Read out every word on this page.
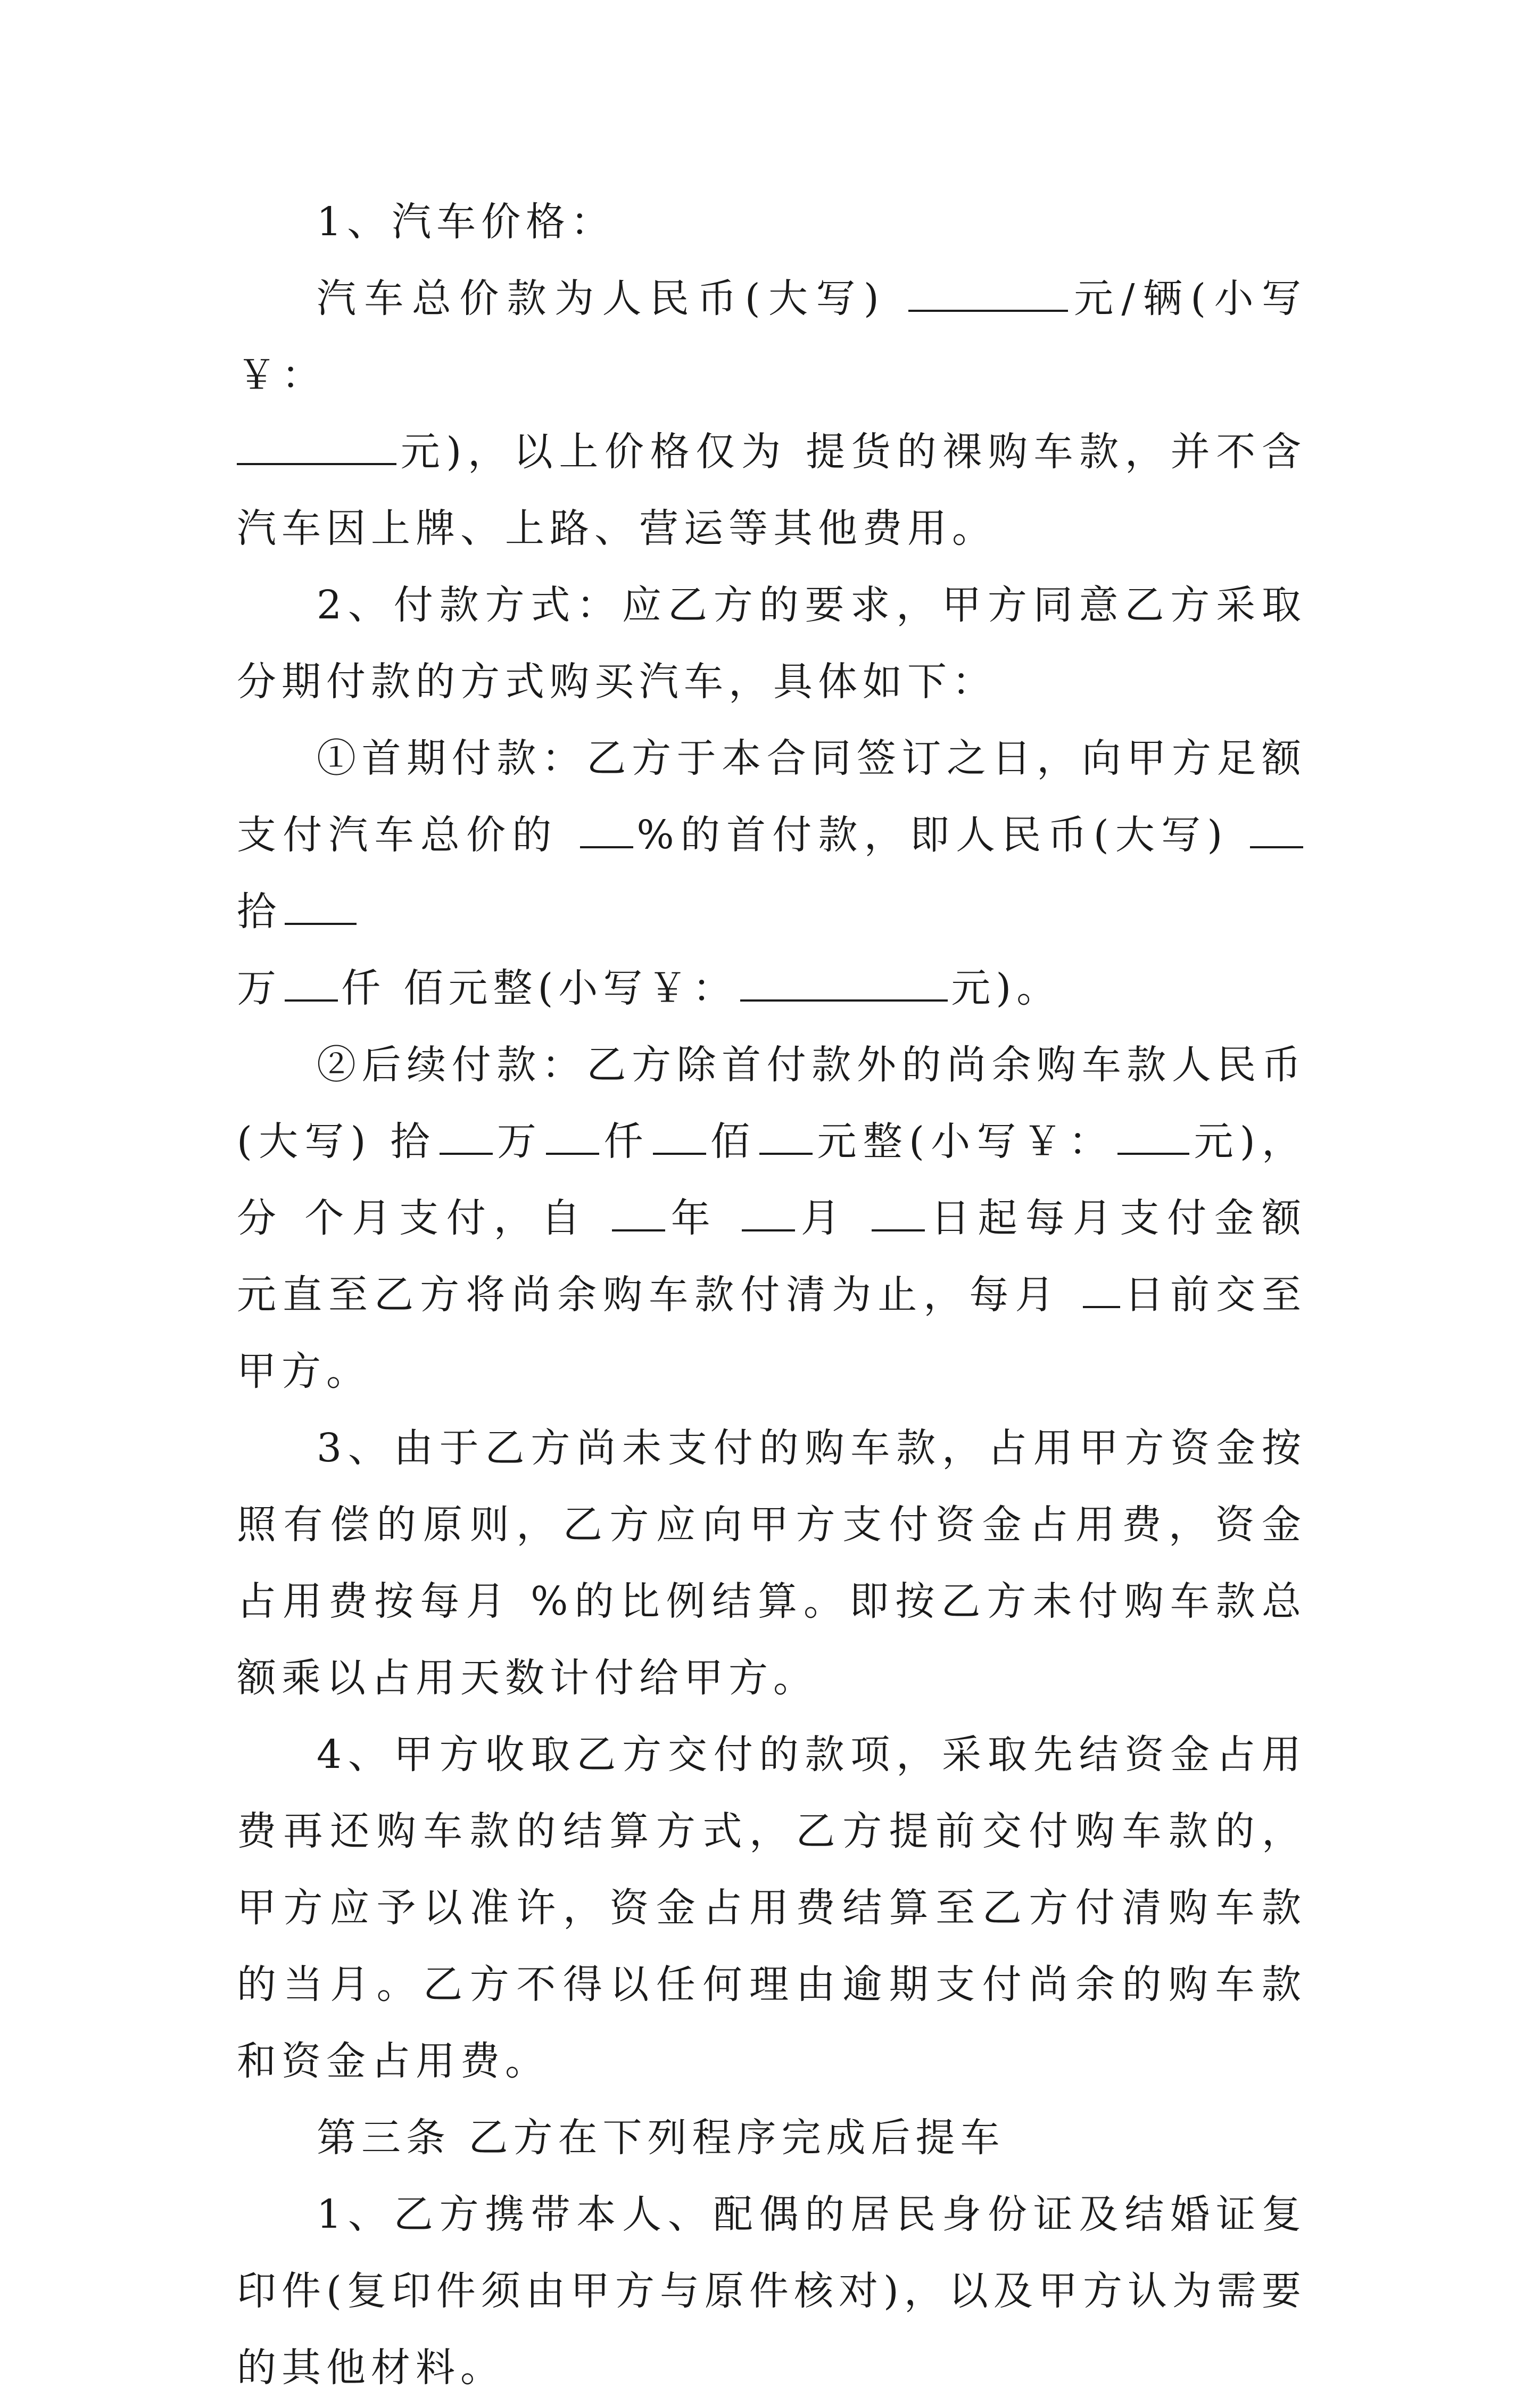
1、汽车价格：

汽车总价款为人民币(大写)	元/辆(小写￥：
元)，以上价格仅为 提货的裸购车款，并不含汽车因上牌、上路、营运等其他费用。

2、付款方式：应乙方的要求，甲方同意乙方采取分期付款的方式购买汽车，具体如下：

①首期付款：乙方于本合同签订之日，向甲方足额支付汽车总价的 %的首付款，即人民币(大写)  拾
万 仟 佰元整(小写￥：	元)。

②后续付款：乙方除首付款外的尚余购车款人民币(大写) 拾 万 仟 佰 元整(小写￥： 元)，分 个月支付，自 年 月 日起每月支付金额 元直至乙方将尚余购车款付清为止，每月 日前交至甲方。

3、由于乙方尚未支付的购车款，占用甲方资金按照有偿的原则，乙方应向甲方支付资金占用费，资金占用费按每月 %的比例结算。即按乙方未付购车款总额乘以占用天数计付给甲方。

4、甲方收取乙方交付的款项，采取先结资金占用费再还购车款的结算方式，乙方提前交付购车款的，甲方应予以准许，资金占用费结算至乙方付清购车款的当月。乙方不得以任何理由逾期支付尚余的购车款和资金占用费。

第三条 乙方在下列程序完成后提车

1、乙方携带本人、配偶的居民身份证及结婚证复印件(复印件须由甲方与原件核对)，以及甲方认为需要的其他材料。
